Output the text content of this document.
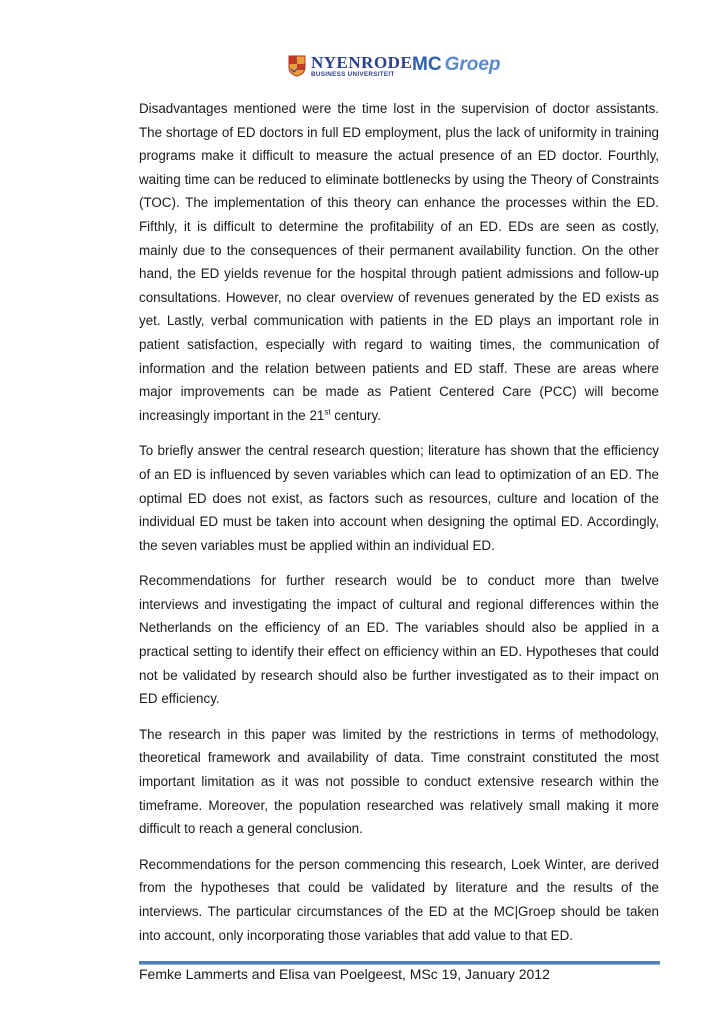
NYENRODE
BUSINESS UNIVERSITEIT MC Groep

Disadvantages mentioned were the time lost in the supervision of doctor assistants. The shortage of ED doctors in full ED employment, plus the lack of uniformity in training programs make it difficult to measure the actual presence of an ED doctor. Fourthly, waiting time can be reduced to eliminate bottlenecks by using the Theory of Constraints (TOC). The implementation of this theory can enhance the processes within the ED. Fifthly, it is difficult to determine the profitability of an ED. EDs are seen as costly, mainly due to the consequences of their permanent availability function. On the other hand, the ED yields revenue for the hospital through patient admissions and follow-up consultations. However, no clear overview of revenues generated by the ED exists as yet. Lastly, verbal communication with patients in the ED plays an important role in patient satisfaction, especially with regard to waiting times, the communication of information and the relation between patients and ED staff. These are areas where major improvements can be made as Patient Centered Care (PCC) will become increasingly important in the 21st century.

To briefly answer the central research question; literature has shown that the efficiency of an ED is influenced by seven variables which can lead to optimization of an ED. The optimal ED does not exist, as factors such as resources, culture and location of the individual ED must be taken into account when designing the optimal ED. Accordingly, the seven variables must be applied within an individual ED.

Recommendations for further research would be to conduct more than twelve interviews and investigating the impact of cultural and regional differences within the Netherlands on the efficiency of an ED. The variables should also be applied in a practical setting to identify their effect on efficiency within an ED. Hypotheses that could not be validated by research should also be further investigated as to their impact on ED efficiency.

The research in this paper was limited by the restrictions in terms of methodology, theoretical framework and availability of data. Time constraint constituted the most important limitation as it was not possible to conduct extensive research within the timeframe. Moreover, the population researched was relatively small making it more difficult to reach a general conclusion.

Recommendations for the person commencing this research, Loek Winter, are derived from the hypotheses that could be validated by literature and the results of the interviews. The particular circumstances of the ED at the MC|Groep should be taken into account, only incorporating those variables that add value to that ED.

Femke Lammerts and Elisa van Poelgeest, MSc 19, January 2012
